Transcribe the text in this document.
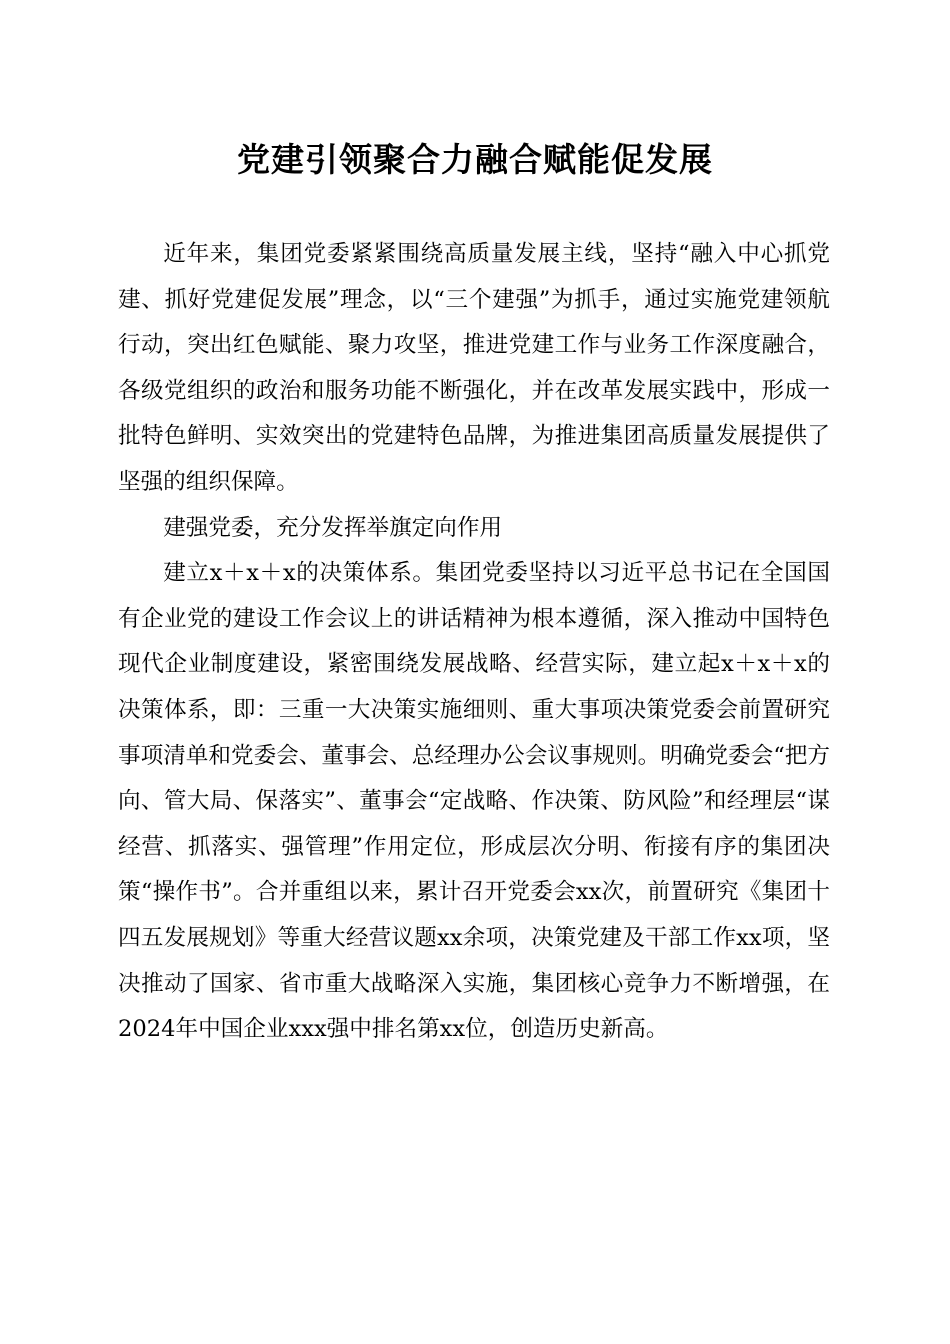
党建引领聚合力融合赋能促发展

近年来，集团党委紧紧围绕高质量发展主线，坚持“融入中心抓党建、抓好党建促发展”理念，以“三个建强”为抓手，通过实施党建领航行动，突出红色赋能、聚力攻坚，推进党建工作与业务工作深度融合，各级党组织的政治和服务功能不断强化，并在改革发展实践中，形成一批特色鲜明、实效突出的党建特色品牌，为推进集团高质量发展提供了坚强的组织保障。

建强党委，充分发挥举旗定向作用

建立x＋x＋x的决策体系。集团党委坚持以习近平总书记在全国国有企业党的建设工作会议上的讲话精神为根本遵循，深入推动中国特色现代企业制度建设，紧密围绕发展战略、经营实际，建立起x＋x＋x的决策体系，即：三重一大决策实施细则、重大事项决策党委会前置研究事项清单和党委会、董事会、总经理办公会议事规则。明确党委会“把方向、管大局、保落实”、董事会“定战略、作决策、防风险”和经理层“谋经营、抓落实、强管理”作用定位，形成层次分明、衔接有序的集团决策“操作书”。合并重组以来，累计召开党委会xx次，前置研究《集团十四五发展规划》等重大经营议题xx余项，决策党建及干部工作xx项，坚决推动了国家、省市重大战略深入实施，集团核心竞争力不断增强，在2024年中国企业xxx强中排名第xx位，创造历史新高。
